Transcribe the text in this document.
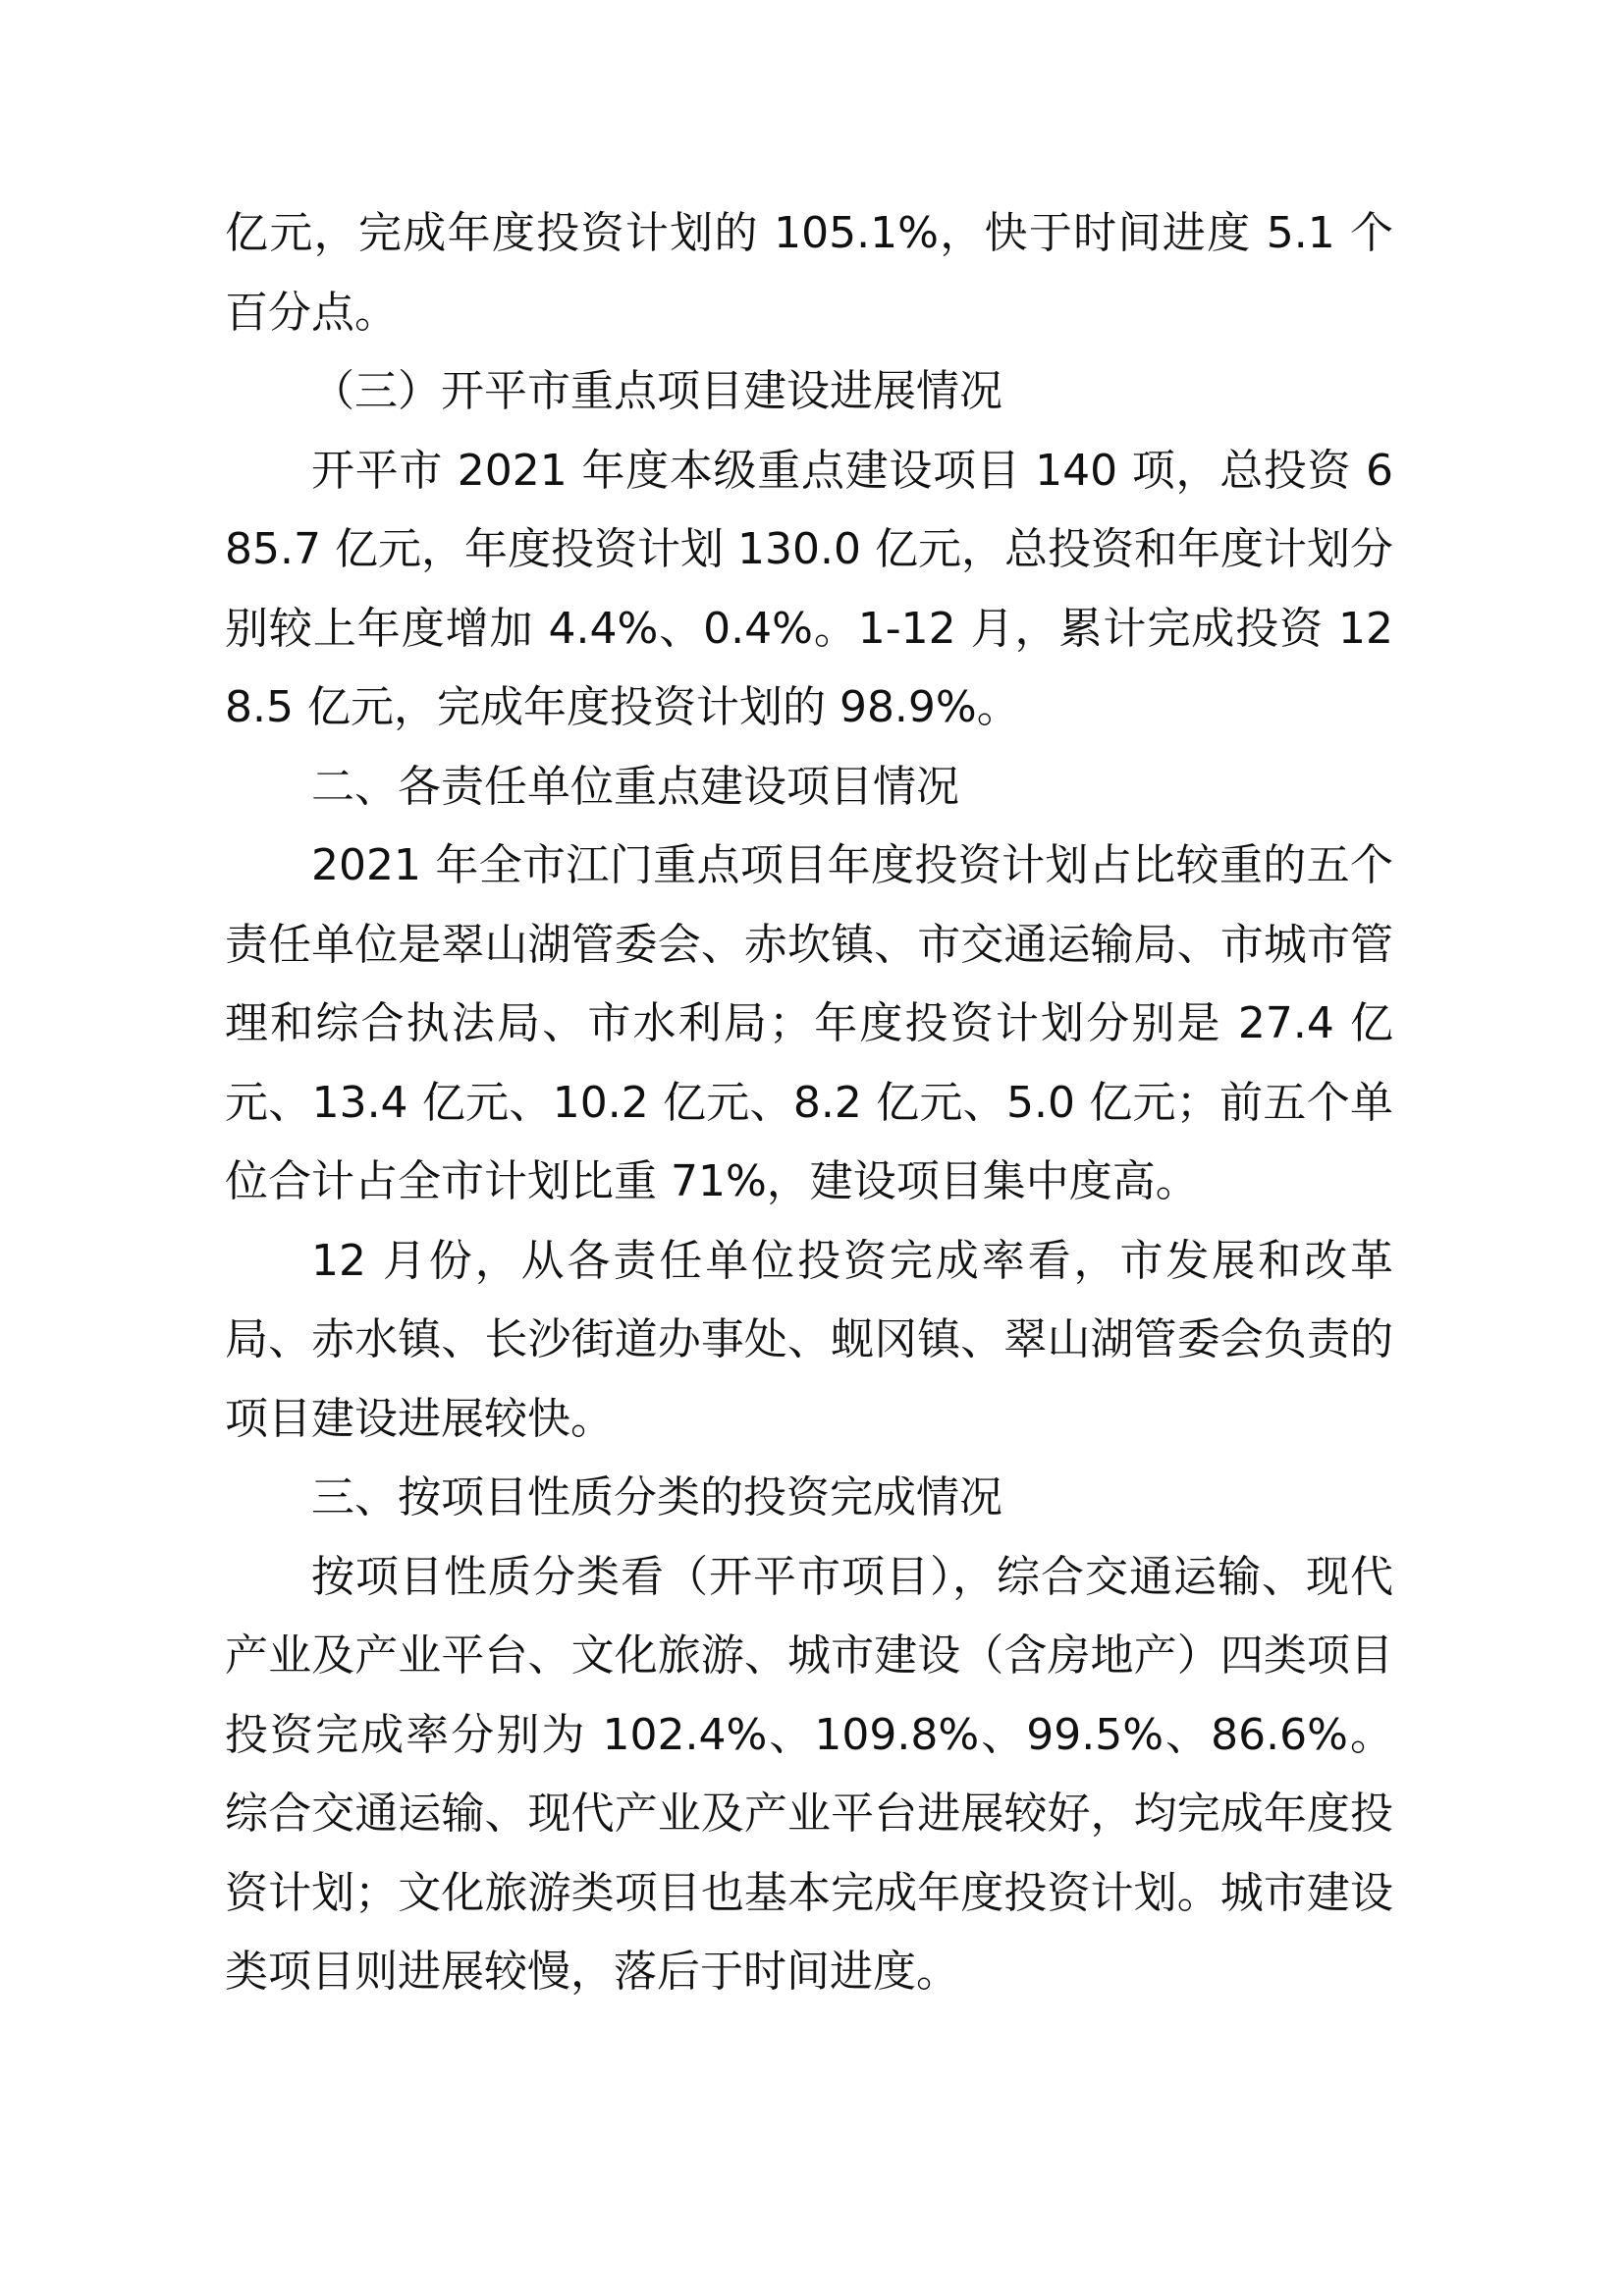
亿元，完成年度投资计划的 105.1%，快于时间进度 5.1 个百分点。

（三）开平市重点项目建设进展情况

开平市 2021 年度本级重点建设项目 140 项，总投资 685.7 亿元，年度投资计划 130.0 亿元，总投资和年度计划分别较上年度增加 4.4%、0.4%。1-12 月，累计完成投资 128.5 亿元，完成年度投资计划的 98.9%。

二、各责任单位重点建设项目情况

2021 年全市江门重点项目年度投资计划占比较重的五个责任单位是翠山湖管委会、赤坎镇、市交通运输局、市城市管理和综合执法局、市水利局；年度投资计划分别是 27.4 亿元、13.4 亿元、10.2 亿元、8.2 亿元、5.0 亿元；前五个单位合计占全市计划比重 71%，建设项目集中度高。

12 月份，从各责任单位投资完成率看，市发展和改革局、赤水镇、长沙街道办事处、蚬冈镇、翠山湖管委会负责的项目建设进展较快。

三、按项目性质分类的投资完成情况

按项目性质分类看（开平市项目），综合交通运输、现代产业及产业平台、文化旅游、城市建设（含房地产）四类项目投资完成率分别为 102.4%、109.8%、99.5%、86.6%。综合交通运输、现代产业及产业平台进展较好，均完成年度投资计划；文化旅游类项目也基本完成年度投资计划。城市建设类项目则进展较慢，落后于时间进度。
